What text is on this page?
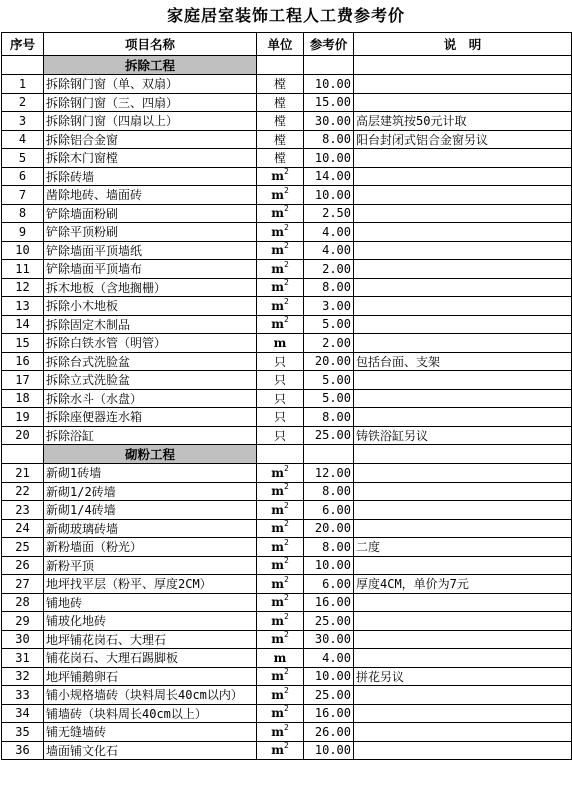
家庭居室装饰工程人工费参考价
序号	项目名称	单位	参考价	说　明
	拆除工程			
1	拆除钢门窗（单、双扇）	樘	10.00	
2	拆除钢门窗（三、四扇）	樘	15.00	
3	拆除钢门窗（四扇以上）	樘	30.00	高层建筑按50元计取
4	拆除铝合金窗	樘	8.00	阳台封闭式铝合金窗另议
5	拆除木门窗樘	樘	10.00	
6	拆除砖墙	$m^2$	14.00	
7	凿除地砖、墙面砖	$m^2$	10.00	
8	铲除墙面粉刷	$m^2$	2.50	
9	铲除平顶粉刷	$m^2$	4.00	
10	铲除墙面平顶墙纸	$m^2$	4.00	
11	铲除墙面平顶墙布	$m^2$	2.00	
12	拆木地板（含地搁栅）	$m^2$	8.00	
13	拆除小木地板	$m^2$	3.00	
14	拆除固定木制品	$m^2$	5.00	
15	拆除白铁水管（明管）	m	2.00	
16	拆除台式洗脸盆	只	20.00	包括台面、支架
17	拆除立式洗脸盆	只	5.00	
18	拆除水斗（水盘）	只	5.00	
19	拆除座便器连水箱	只	8.00	
20	拆除浴缸	只	25.00	铸铁浴缸另议
	砌粉工程			
21	新砌1砖墙	$m^2$	12.00	
22	新砌1/2砖墙	$m^2$	8.00	
23	新砌1/4砖墙	$m^2$	6.00	
24	新砌玻璃砖墙	$m^2$	20.00	
25	新粉墙面（粉光）	$m^2$	8.00	二度
26	新粉平顶	$m^2$	10.00	
27	地坪找平层（粉平、厚度2CM）	$m^2$	6.00	厚度4CM，单价为7元
28	铺地砖	$m^2$	16.00	
29	铺玻化地砖	$m^2$	25.00	
30	地坪铺花岗石、大理石	$m^2$	30.00	
31	铺花岗石、大理石踢脚板	m	4.00	
32	地坪铺鹅卵石	$m^2$	10.00	拼花另议
33	铺小规格墙砖（块料周长40cm以内）	$m^2$	25.00	
34	铺墙砖（块料周长40cm以上）	$m^2$	16.00	
35	铺无缝墙砖	$m^2$	26.00	
36	墙面铺文化石	$m^2$	10.00	
